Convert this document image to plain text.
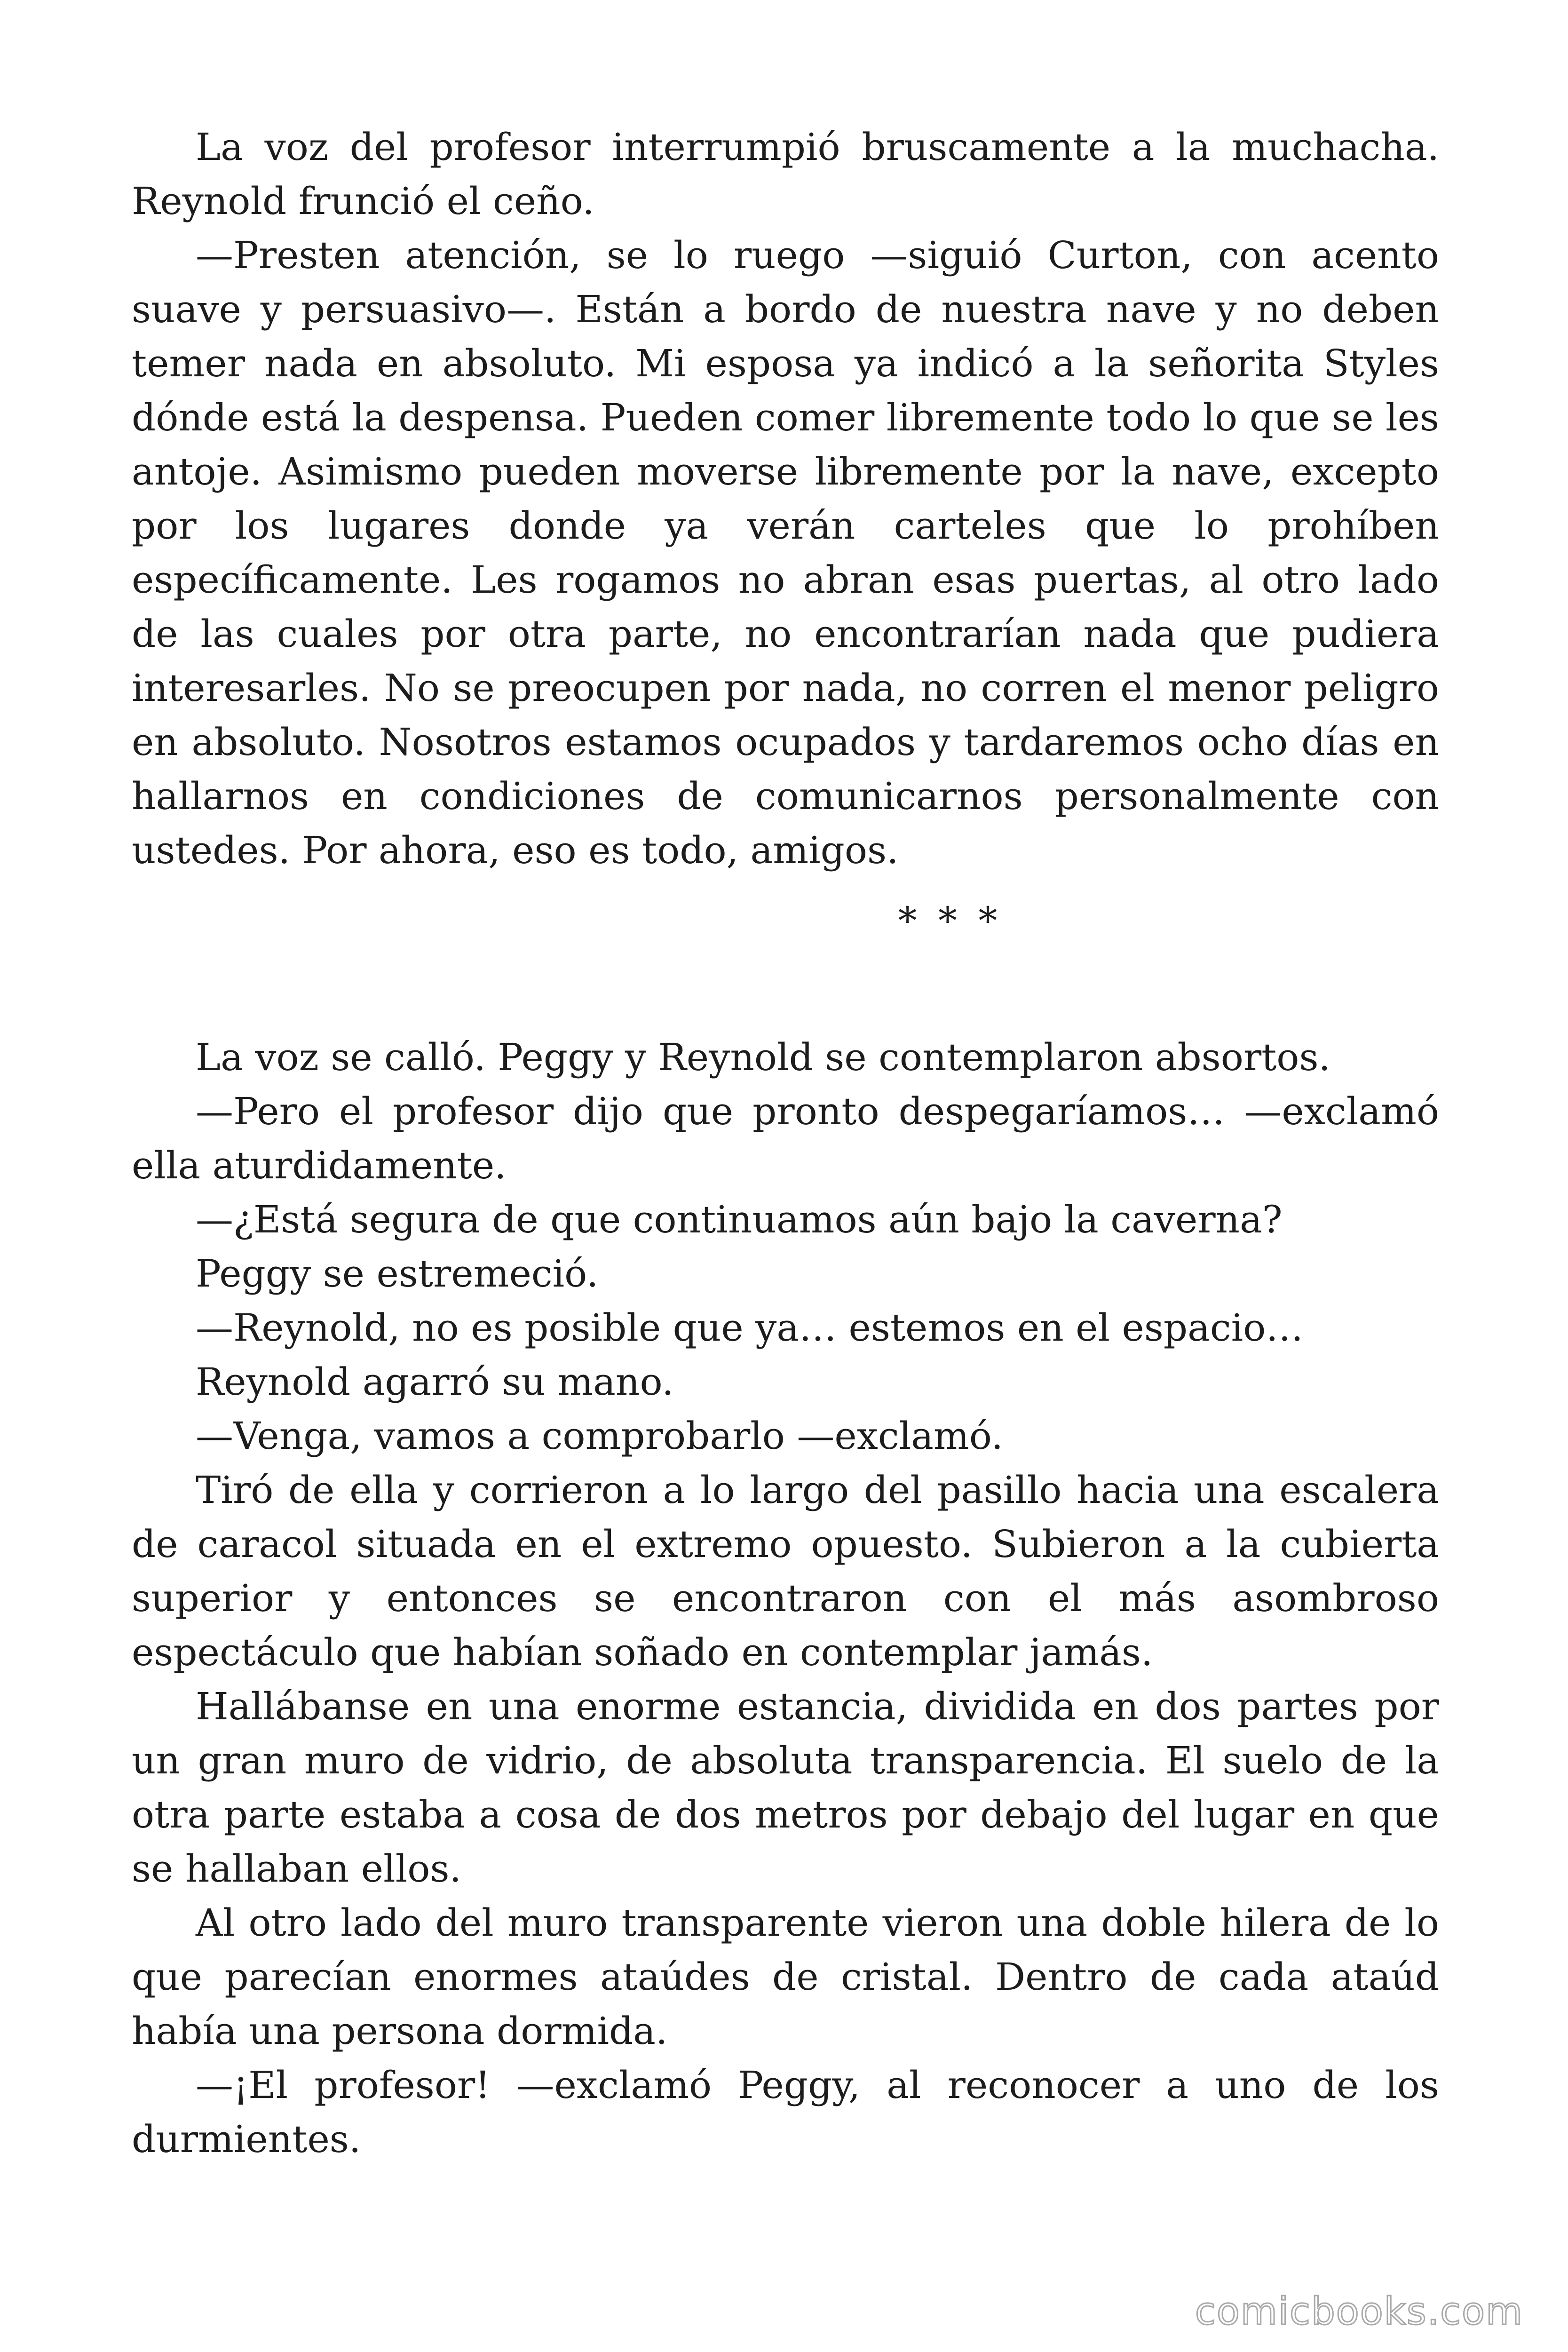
La voz del profesor interrumpió bruscamente a la muchacha. Reynold frunció el ceño.

—Presten atención, se lo ruego —siguió Curton, con acento suave y persuasivo—. Están a bordo de nuestra nave y no deben temer nada en absoluto. Mi esposa ya indicó a la señorita Styles dónde está la despensa. Pueden comer libremente todo lo que se les antoje. Asimismo pueden moverse libremente por la nave, excepto por los lugares donde ya verán carteles que lo prohíben específicamente. Les rogamos no abran esas puertas, al otro lado de las cuales por otra parte, no encontrarían nada que pudiera interesarles. No se preocupen por nada, no corren el menor peligro en absoluto. Nosotros estamos ocupados y tardaremos ocho días en hallarnos en condiciones de comunicarnos personalmente con ustedes. Por ahora, eso es todo, amigos.

* * *

La voz se calló. Peggy y Reynold se contemplaron absortos.

—Pero el profesor dijo que pronto despegaríamos… —exclamó ella aturdidamente.

—¿Está segura de que continuamos aún bajo la caverna?

Peggy se estremeció.

—Reynold, no es posible que ya… estemos en el espacio…

Reynold agarró su mano.

—Venga, vamos a comprobarlo —exclamó.

Tiró de ella y corrieron a lo largo del pasillo hacia una escalera de caracol situada en el extremo opuesto. Subieron a la cubierta superior y entonces se encontraron con el más asombroso espectáculo que habían soñado en contemplar jamás.

Hallábanse en una enorme estancia, dividida en dos partes por un gran muro de vidrio, de absoluta transparencia. El suelo de la otra parte estaba a cosa de dos metros por debajo del lugar en que se hallaban ellos.

Al otro lado del muro transparente vieron una doble hilera de lo que parecían enormes ataúdes de cristal. Dentro de cada ataúd había una persona dormida.

—¡El profesor! —exclamó Peggy, al reconocer a uno de los durmientes.

comicbooks.com
